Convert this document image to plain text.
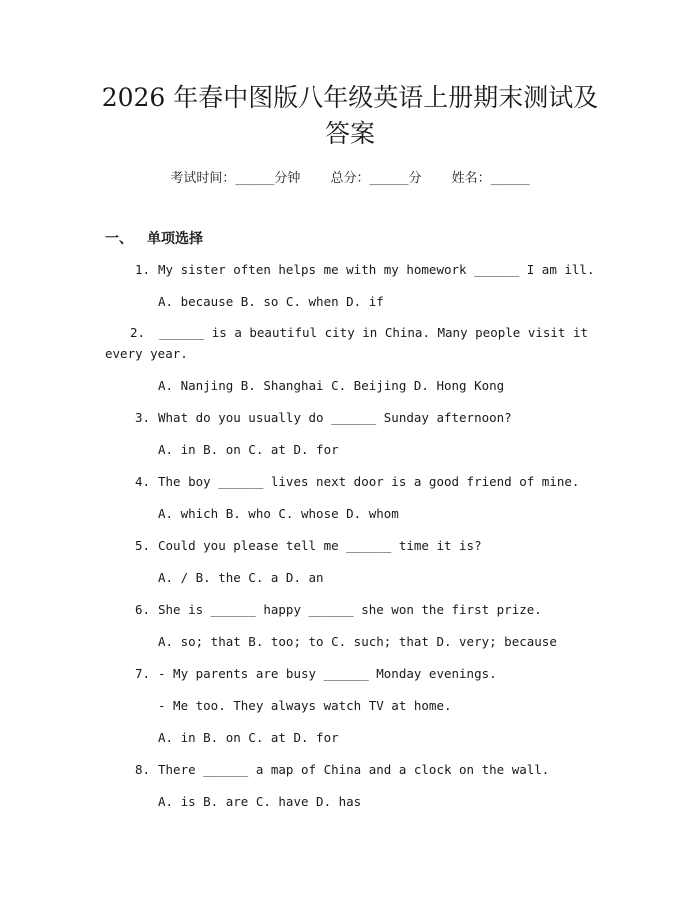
2026 年春中图版八年级英语上册期末测试及答案
考试时间：______分钟 总分：______分 姓名：______
一、 单项选择
1. My sister often helps me with my homework ______ I am ill.
A. because B. so C. when D. if
2. ______ is a beautiful city in China. Many people visit it every year.
A. Nanjing B. Shanghai C. Beijing D. Hong Kong
3. What do you usually do ______ Sunday afternoon?
A. in B. on C. at D. for
4. The boy ______ lives next door is a good friend of mine.
A. which B. who C. whose D. whom
5. Could you please tell me ______ time it is?
A. / B. the C. a D. an
6. She is ______ happy ______ she won the first prize.
A. so; that B. too; to C. such; that D. very; because
7. - My parents are busy ______ Monday evenings.
- Me too. They always watch TV at home.
A. in B. on C. at D. for
8. There ______ a map of China and a clock on the wall.
A. is B. are C. have D. has
